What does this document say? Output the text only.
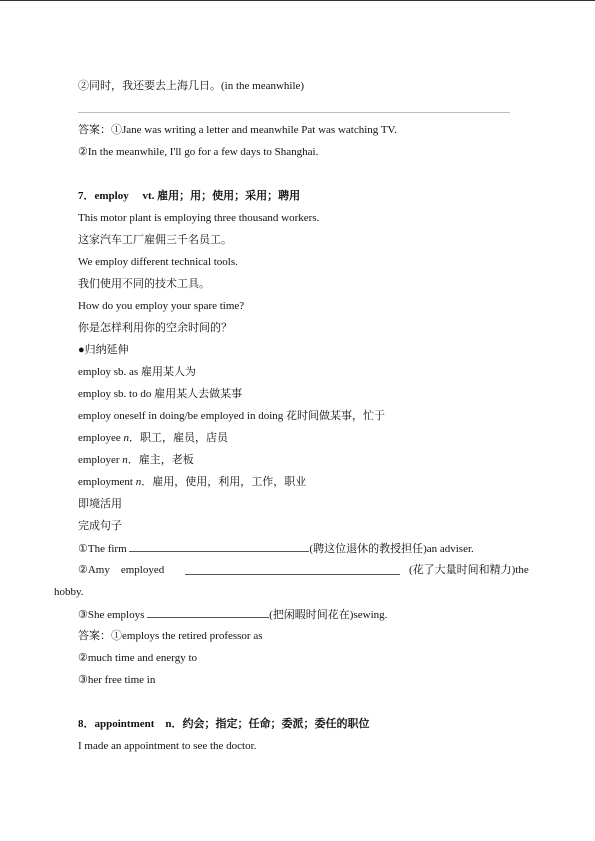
②同时，我还要去上海几日。(in the meanwhile)
答案：①Jane was writing a letter and meanwhile Pat was watching TV.
②In the meanwhile, I'll go for a few days to Shanghai.
7．employ　 vt. 雇用；用；使用；采用；聘用
This motor plant is employing three thousand workers.
这家汽车工厂雇佣三千名员工。
We employ different technical tools.
我们使用不同的技术工具。
How do you employ your spare time?
你是怎样利用你的空余时间的？
●归纳延伸
employ sb. as 雇用某人为
employ sb. to do 雇用某人去做某事
employ oneself in doing/be employed in doing 花时间做某事，忙于
employee n．职工，雇员，店员
employer n．雇主，老板
employment n．雇用，使用，利用，工作，职业
即境活用
完成句子
①The firm	(聘这位退休的教授担任)an adviser.
②Amy　employed	(花了大量时间和精力)the
hobby.
③She employs	(把闲暇时间花在)sewing.
答案：①employs the retired professor as
②much time and energy to
③her free time in
8．appointment　n．约会；指定；任命；委派；委任的职位
I made an appointment to see the doctor.
